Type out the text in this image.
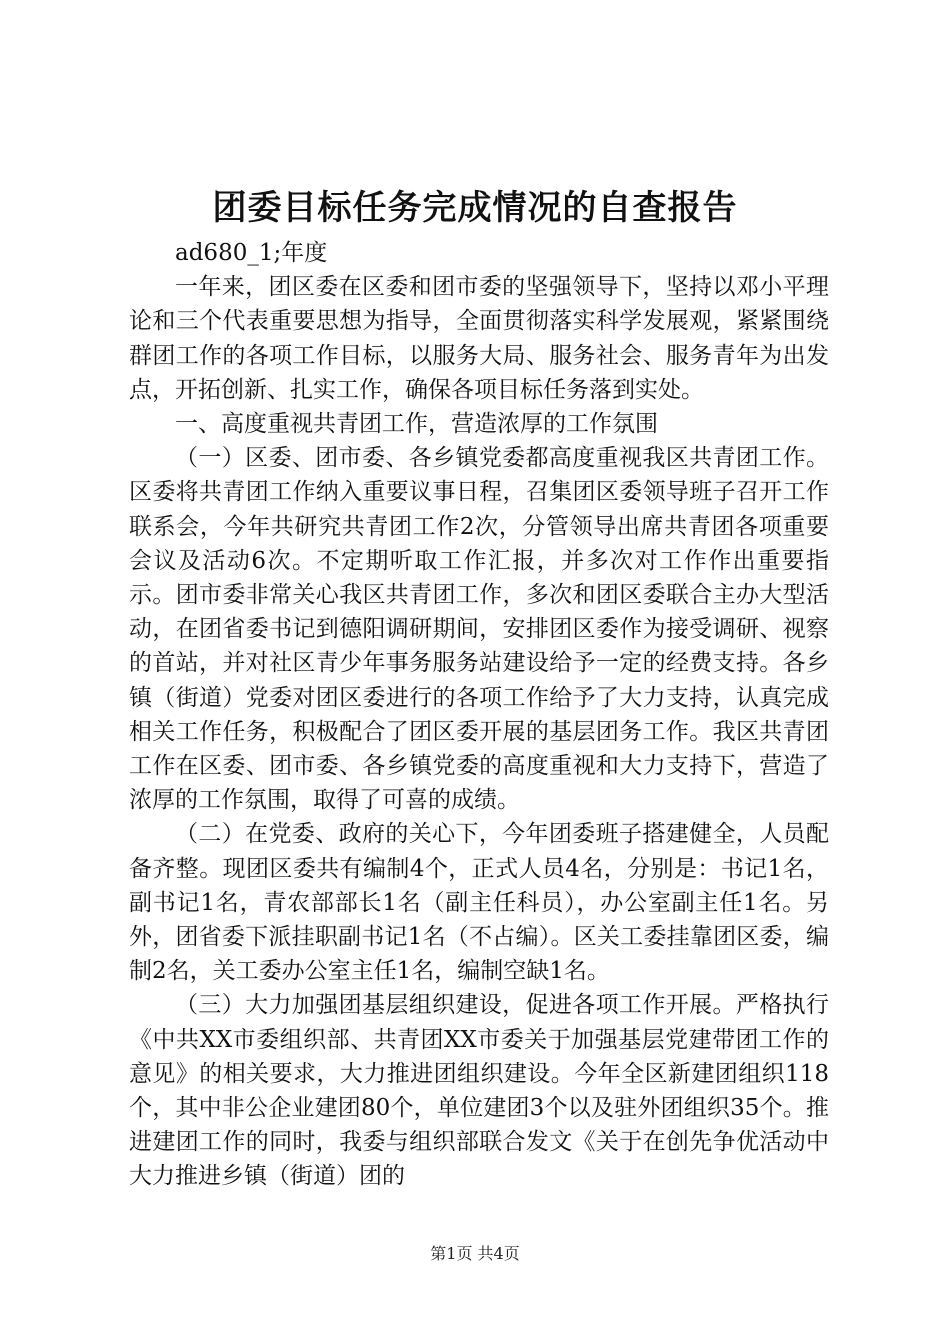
团委目标任务完成情况的自查报告

ad680_1;年度

一年来，团区委在区委和团市委的坚强领导下，坚持以邓小平理论和三个代表重要思想为指导，全面贯彻落实科学发展观，紧紧围绕群团工作的各项工作目标，以服务大局、服务社会、服务青年为出发点，开拓创新、扎实工作，确保各项目标任务落到实处。

一、高度重视共青团工作，营造浓厚的工作氛围

（一）区委、团市委、各乡镇党委都高度重视我区共青团工作。区委将共青团工作纳入重要议事日程，召集团区委领导班子召开工作联系会，今年共研究共青团工作2次，分管领导出席共青团各项重要会议及活动6次。不定期听取工作汇报，并多次对工作作出重要指示。团市委非常关心我区共青团工作，多次和团区委联合主办大型活动，在团省委书记到德阳调研期间，安排团区委作为接受调研、视察的首站，并对社区青少年事务服务站建设给予一定的经费支持。各乡镇（街道）党委对团区委进行的各项工作给予了大力支持，认真完成相关工作任务，积极配合了团区委开展的基层团务工作。我区共青团工作在区委、团市委、各乡镇党委的高度重视和大力支持下，营造了浓厚的工作氛围，取得了可喜的成绩。

（二）在党委、政府的关心下，今年团委班子搭建健全，人员配备齐整。现团区委共有编制4个，正式人员4名，分别是：书记1名，副书记1名，青农部部长1名（副主任科员），办公室副主任1名。另外，团省委下派挂职副书记1名（不占编）。区关工委挂靠团区委，编制2名，关工委办公室主任1名，编制空缺1名。

（三）大力加强团基层组织建设，促进各项工作开展。严格执行《中共XX市委组织部、共青团XX市委关于加强基层党建带团工作的意见》的相关要求，大力推进团组织建设。今年全区新建团组织118个，其中非公企业建团80个，单位建团3个以及驻外团组织35个。推进建团工作的同时，我委与组织部联合发文《关于在创先争优活动中大力推进乡镇（街道）团的

第1页 共4页
